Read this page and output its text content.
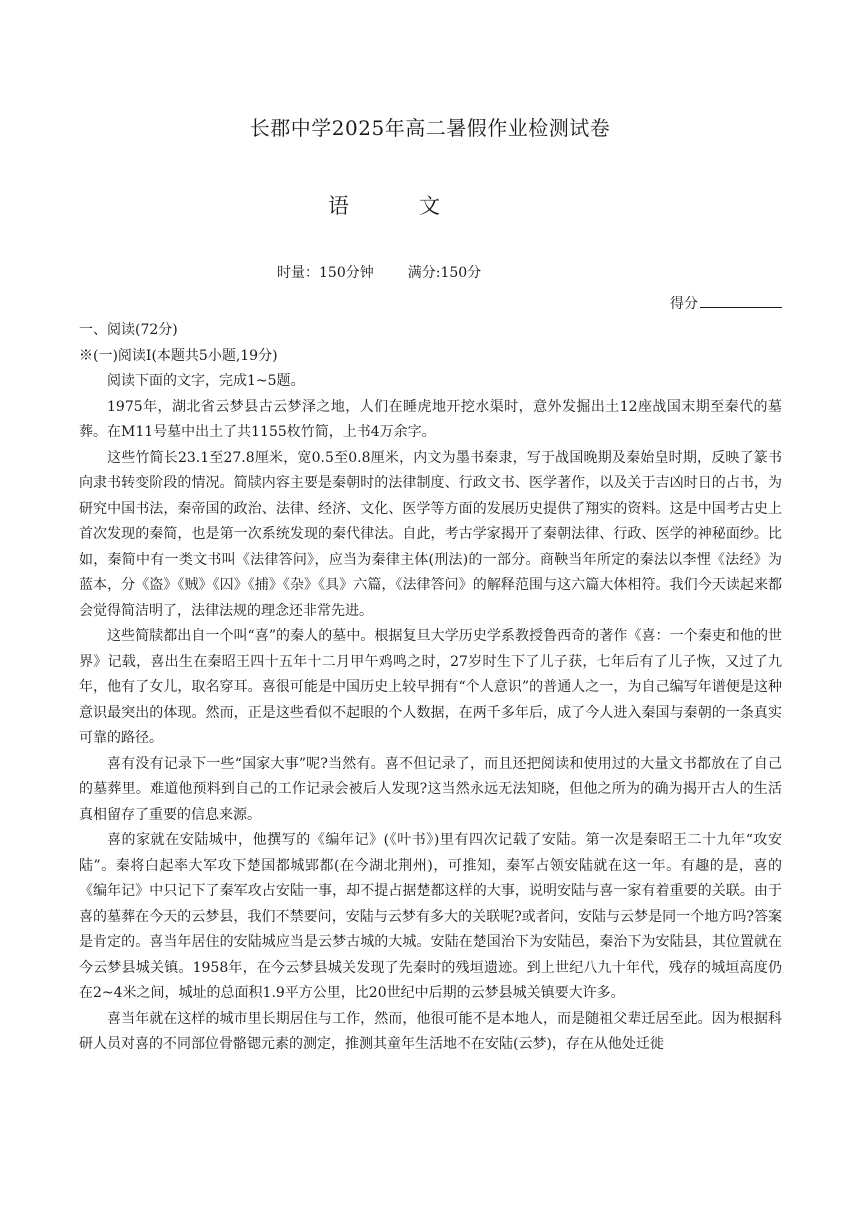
长郡中学2025年高二暑假作业检测试卷
语	文
时量：150分钟 满分:150分
得分

一、阅读(72分)

※(一)阅读Ⅰ(本题共5小题,19分)

阅读下面的文字，完成1~5题。

1975年，湖北省云梦县古云梦泽之地，人们在睡虎地开挖水渠时，意外发掘出土12座战国末期至秦代的墓葬。在M11号墓中出土了共1155枚竹简，上书4万余字。

这些竹简长23.1至27.8厘米，宽0.5至0.8厘米，内文为墨书秦隶，写于战国晚期及秦始皇时期，反映了篆书向隶书转变阶段的情况。简牍内容主要是秦朝时的法律制度、行政文书、医学著作，以及关于吉凶时日的占书，为研究中国书法，秦帝国的政治、法律、经济、文化、医学等方面的发展历史提供了翔实的资料。这是中国考古史上首次发现的秦简，也是第一次系统发现的秦代律法。自此，考古学家揭开了秦朝法律、行政、医学的神秘面纱。比如，秦简中有一类文书叫《法律答问》，应当为秦律主体(刑法)的一部分。商鞅当年所定的秦法以李悝《法经》为蓝本，分《盗》《贼》《囚》《捕》《杂》《具》六篇，《法律答问》的解释范围与这六篇大体相符。我们今天读起来都会觉得简洁明了，法律法规的理念还非常先进。

这些简牍都出自一个叫“喜”的秦人的墓中。根据复旦大学历史学系教授鲁西奇的著作《喜：一个秦吏和他的世界》记载，喜出生在秦昭王四十五年十二月甲午鸡鸣之时，27岁时生下了儿子获，七年后有了儿子恢，又过了九年，他有了女儿，取名穿耳。喜很可能是中国历史上较早拥有“个人意识”的普通人之一，为自己编写年谱便是这种意识最突出的体现。然而，正是这些看似不起眼的个人数据，在两千多年后，成了今人进入秦国与秦朝的一条真实可靠的路径。

喜有没有记录下一些“国家大事”呢?当然有。喜不但记录了，而且还把阅读和使用过的大量文书都放在了自己的墓葬里。难道他预料到自己的工作记录会被后人发现?这当然永远无法知晓，但他之所为的确为揭开古人的生活真相留存了重要的信息来源。

喜的家就在安陆城中，他撰写的《编年记》(《叶书》)里有四次记载了安陆。第一次是秦昭王二十九年“攻安陆”。秦将白起率大军攻下楚国都城郢都(在今湖北荆州)，可推知，秦军占领安陆就在这一年。有趣的是，喜的《编年记》中只记下了秦军攻占安陆一事，却不提占据楚都这样的大事，说明安陆与喜一家有着重要的关联。由于喜的墓葬在今天的云梦县，我们不禁要问，安陆与云梦有多大的关联呢?或者问，安陆与云梦是同一个地方吗?答案是肯定的。喜当年居住的安陆城应当是云梦古城的大城。安陆在楚国治下为安陆邑，秦治下为安陆县，其位置就在今云梦县城关镇。1958年，在今云梦县城关发现了先秦时的残垣遗迹。到上世纪八九十年代，残存的城垣高度仍在2~4米之间，城址的总面积1.9平方公里，比20世纪中后期的云梦县城关镇要大许多。

喜当年就在这样的城市里长期居住与工作，然而，他很可能不是本地人，而是随祖父辈迁居至此。因为根据科研人员对喜的不同部位骨骼锶元素的测定，推测其童年生活地不在安陆(云梦)，存在从他处迁徙
